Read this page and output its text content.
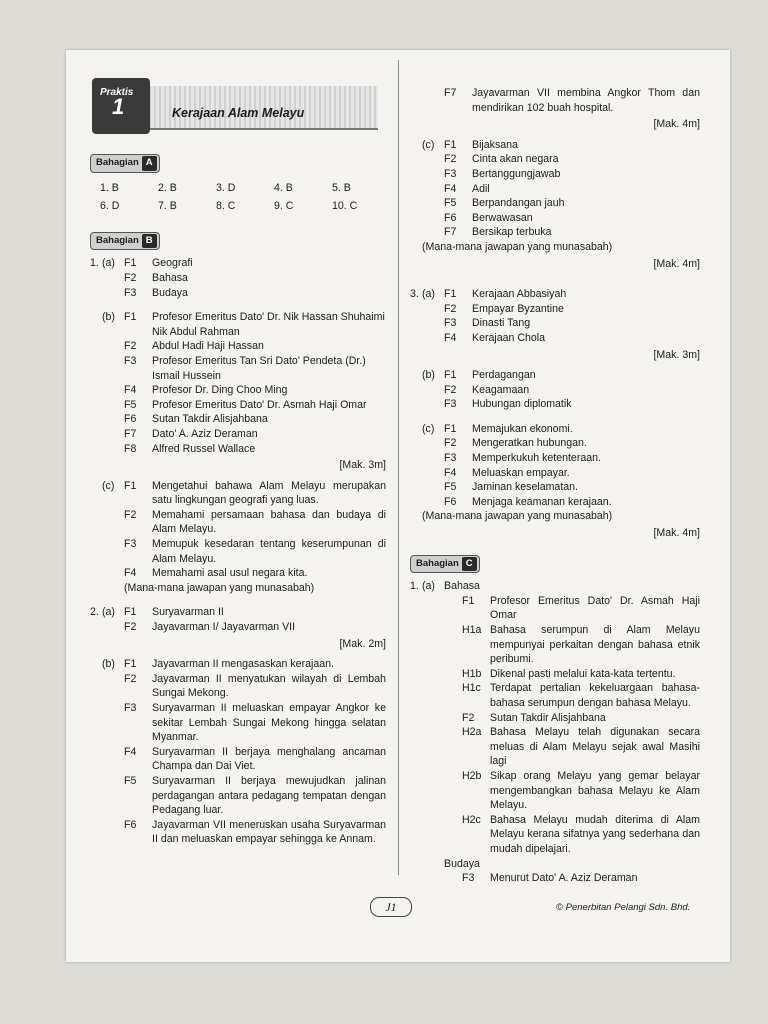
Praktis
1	Kerajaan Alam Melayu
Bahagian A
1. B	2. B	3. D	4. B	5. B
6. D	7. B	8. C	9. C	10. C
Bahagian B
1. (a) F1	Geografi
F2	Bahasa
F3	Budaya
(b) F1	Profesor Emeritus Dato' Dr. Nik Hassan Shuhaimi Nik Abdul Rahman
F2	Abdul Hadi Haji Hassan
F3	Profesor Emeritus Tan Sri Dato' Pendeta (Dr.) Ismail Hussein
F4	Profesor Dr. Ding Choo Ming
F5	Profesor Emeritus Dato' Dr. Asmah Haji Omar
F6	Sutan Takdir Alisjahbana
F7	Dato' A. Aziz Deraman
F8	Alfred Russel Wallace
[Mak. 3m]
(c) F1	Mengetahui bahawa Alam Melayu merupakan satu lingkungan geografi yang luas.
F2	Memahami persamaan bahasa dan budaya di Alam Melayu.
F3	Memupuk kesedaran tentang keserumpunan di Alam Melayu.
F4	Memahami asal usul negara kita.
(Mana-mana jawapan yang munasabah)
2. (a) F1	Suryavarman II
F2	Jayavarman I/ Jayavarman VII
[Mak. 2m]
(b) F1	Jayavarman II mengasaskan kerajaan.
F2	Jayavarman II menyatukan wilayah di Lembah Sungai Mekong.
F3	Suryavarman II meluaskan empayar Angkor ke sekitar Lembah Sungai Mekong hingga selatan Myanmar.
F4	Suryavarman II berjaya menghalang ancaman Champa dan Dai Viet.
F5	Suryavarman II berjaya mewujudkan jalinan perdagangan antara pedagang tempatan dengan Pedagang luar.
F6	Jayavarman VII meneruskan usaha Suryavarman II dan meluaskan empayar sehingga ke Annam.
F7	Jayavarman VII membina Angkor Thom dan mendirikan 102 buah hospital.
[Mak. 4m]
(c) F1	Bijaksana
F2	Cinta akan negara
F3	Bertanggungjawab
F4	Adil
F5	Berpandangan jauh
F6	Berwawasan
F7	Bersikap terbuka
(Mana-mana jawapan yang munasabah)
[Mak. 4m]
3. (a) F1	Kerajaan Abbasiyah
F2	Empayar Byzantine
F3	Dinasti Tang
F4	Kerajaan Chola
[Mak. 3m]
(b) F1	Perdagangan
F2	Keagamaan
F3	Hubungan diplomatik
(c) F1	Memajukan ekonomi.
F2	Mengeratkan hubungan.
F3	Memperkukuh ketenteraan.
F4	Meluaskan empayar.
F5	Jaminan keselamatan.
F6	Menjaga keamanan kerajaan.
(Mana-mana jawapan yang munasabah)
[Mak. 4m]
Bahagian C
1. (a) Bahasa
F1	Profesor Emeritus Dato' Dr. Asmah Haji Omar
H1a Bahasa serumpun di Alam Melayu mempunyai perkaitan dengan bahasa etnik peribumi.
H1b Dikenal pasti melalui kata-kata tertentu.
H1c Terdapat pertalian kekeluargaan bahasa-bahasa serumpun dengan bahasa Melayu.
F2	Sutan Takdir Alisjahbana
H2a Bahasa Melayu telah digunakan secara meluas di Alam Melayu sejak awal Masihi lagi
H2b Sikap orang Melayu yang gemar belayar mengembangkan bahasa Melayu ke Alam Melayu.
H2c Bahasa Melayu mudah diterima di Alam Melayu kerana sifatnya yang sederhana dan mudah dipelajari.
Budaya
F3	Menurut Dato' A. Aziz Deraman
J1	© Penerbitan Pelangi Sdn. Bhd.
